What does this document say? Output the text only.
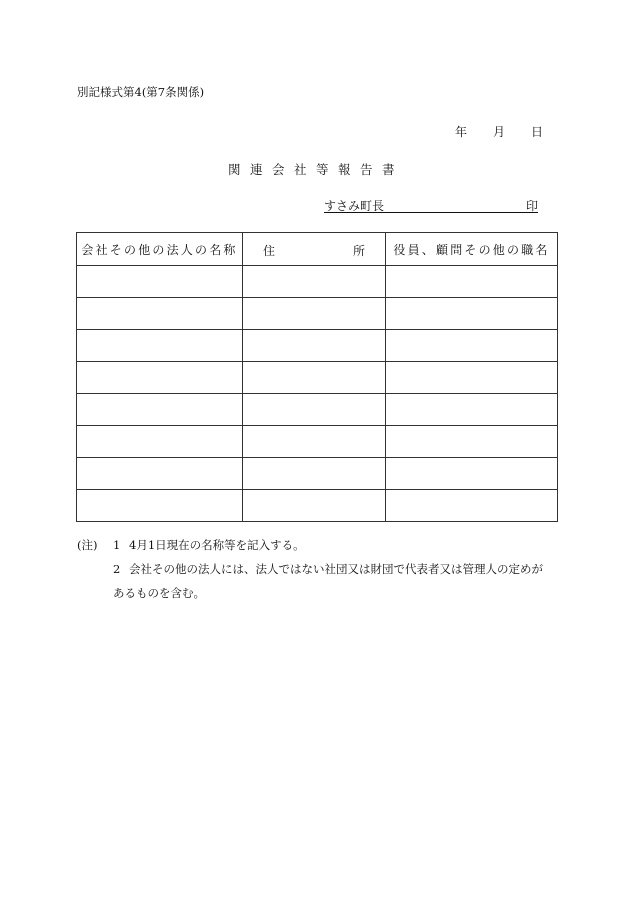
別記様式第4(第7条関係)
年 月 日
関連会社等報告書
すさみ町長	印
会社その他の法人の名称	住 所	役員、顧問その他の職名

(注) 1 4月1日現在の名称等を記入する。
2 会社その他の法人には、法人ではない社団又は財団で代表者又は管理人の定めが
あるものを含む。
